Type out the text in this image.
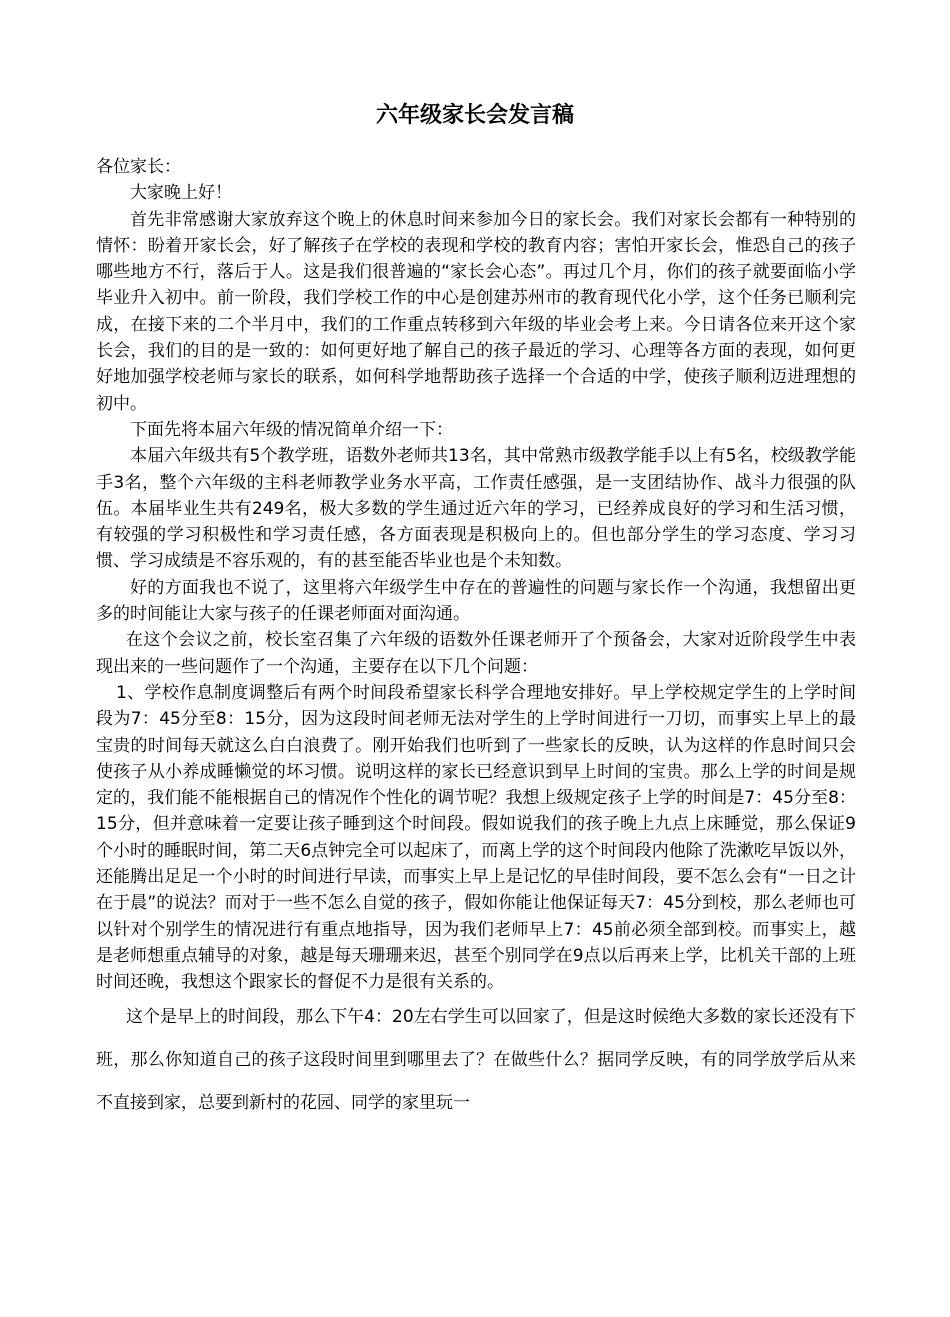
六年级家长会发言稿

各位家长：

大家晚上好！

首先非常感谢大家放弃这个晚上的休息时间来参加今日的家长会。我们对家长会都有一种特别的情怀：盼着开家长会，好了解孩子在学校的表现和学校的教育内容；害怕开家长会，惟恐自己的孩子哪些地方不行，落后于人。这是我们很普遍的“家长会心态”。再过几个月，你们的孩子就要面临小学毕业升入初中。前一阶段，我们学校工作的中心是创建苏州市的教育现代化小学，这个任务已顺利完成，在接下来的二个半月中，我们的工作重点转移到六年级的毕业会考上来。今日请各位来开这个家长会，我们的目的是一致的：如何更好地了解自己的孩子最近的学习、心理等各方面的表现，如何更好地加强学校老师与家长的联系，如何科学地帮助孩子选择一个合适的中学，使孩子顺利迈进理想的初中。

下面先将本届六年级的情况简单介绍一下：

本届六年级共有5个教学班，语数外老师共13名，其中常熟市级教学能手以上有5名，校级教学能手3名，整个六年级的主科老师教学业务水平高，工作责任感强，是一支团结协作、战斗力很强的队伍。本届毕业生共有249名，极大多数的学生通过近六年的学习，已经养成良好的学习和生活习惯，有较强的学习积极性和学习责任感，各方面表现是积极向上的。但也部分学生的学习态度、学习习惯、学习成绩是不容乐观的，有的甚至能否毕业也是个未知数。

好的方面我也不说了，这里将六年级学生中存在的普遍性的问题与家长作一个沟通，我想留出更多的时间能让大家与孩子的任课老师面对面沟通。

在这个会议之前，校长室召集了六年级的语数外任课老师开了个预备会，大家对近阶段学生中表现出来的一些问题作了一个沟通，主要存在以下几个问题：

1、学校作息制度调整后有两个时间段希望家长科学合理地安排好。早上学校规定学生的上学时间段为7：45分至8：15分，因为这段时间老师无法对学生的上学时间进行一刀切，而事实上早上的最宝贵的时间每天就这么白白浪费了。刚开始我们也听到了一些家长的反映，认为这样的作息时间只会使孩子从小养成睡懒觉的坏习惯。说明这样的家长已经意识到早上时间的宝贵。那么上学的时间是规定的，我们能不能根据自己的情况作个性化的调节呢？我想上级规定孩子上学的时间是7：45分至8：15分，但并意味着一定要让孩子睡到这个时间段。假如说我们的孩子晚上九点上床睡觉，那么保证9个小时的睡眠时间，第二天6点钟完全可以起床了，而离上学的这个时间段内他除了洗漱吃早饭以外，还能腾出足足一个小时的时间进行早读，而事实上早上是记忆的早佳时间段，要不怎么会有“一日之计在于晨”的说法？而对于一些不怎么自觉的孩子，假如你能让他保证每天7：45分到校，那么老师也可以针对个别学生的情况进行有重点地指导，因为我们老师早上7：45前必须全部到校。而事实上，越是老师想重点辅导的对象，越是每天珊珊来迟，甚至个别同学在9点以后再来上学，比机关干部的上班时间还晚，我想这个跟家长的督促不力是很有关系的。

这个是早上的时间段，那么下午4：20左右学生可以回家了，但是这时候绝大多数的家长还没有下班，那么你知道自己的孩子这段时间里到哪里去了？在做些什么？据同学反映，有的同学放学后从来不直接到家，总要到新村的花园、同学的家里玩一
